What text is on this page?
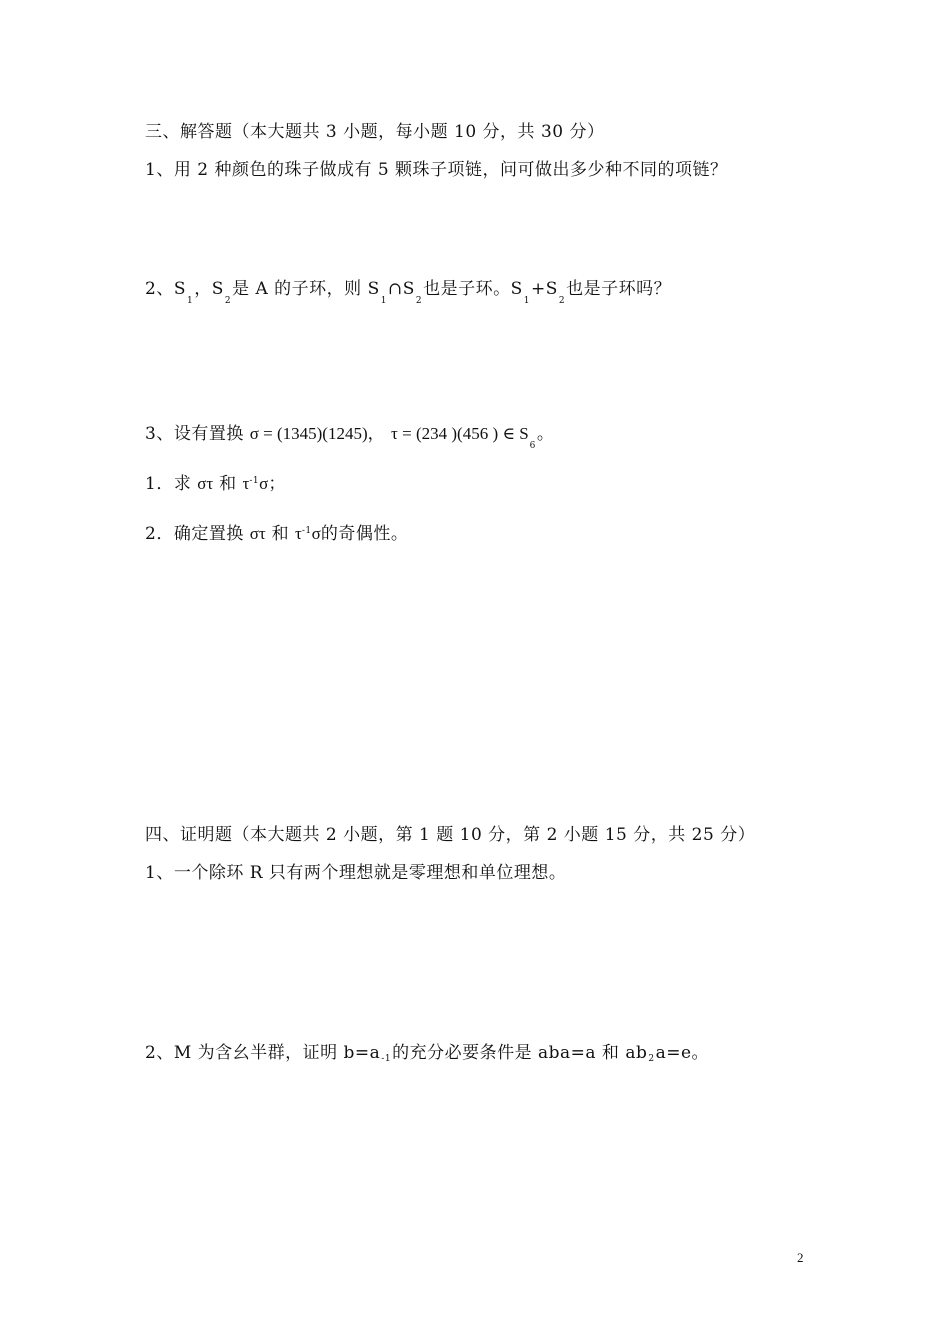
三、解答题（本大题共 3 小题，每小题 10 分，共 30 分）
1、用 2 种颜色的珠子做成有 5 颗珠子项链，问可做出多少种不同的项链？
2、$S_1$，$S_2$是 A 的子环，则 $S_1\cap S_2$也是子环。$S_1+S_2$也是子环吗？
3、设有置换 σ = (1345)(1245)， τ = (234 )(456 ) ∈ $S_6$。
1．求 στ 和 $\tau^{-1}\sigma$；
2．确定置换 στ 和 $\tau^{-1}\sigma$的奇偶性。
四、证明题（本大题共 2 小题，第 1 题 10 分，第 2 小题 15 分，共 25 分）
1、一个除环 R 只有两个理想就是零理想和单位理想。
2、M 为含幺半群，证明 b=a-1的充分必要条件是 aba=a 和 ab2a=e。
2
